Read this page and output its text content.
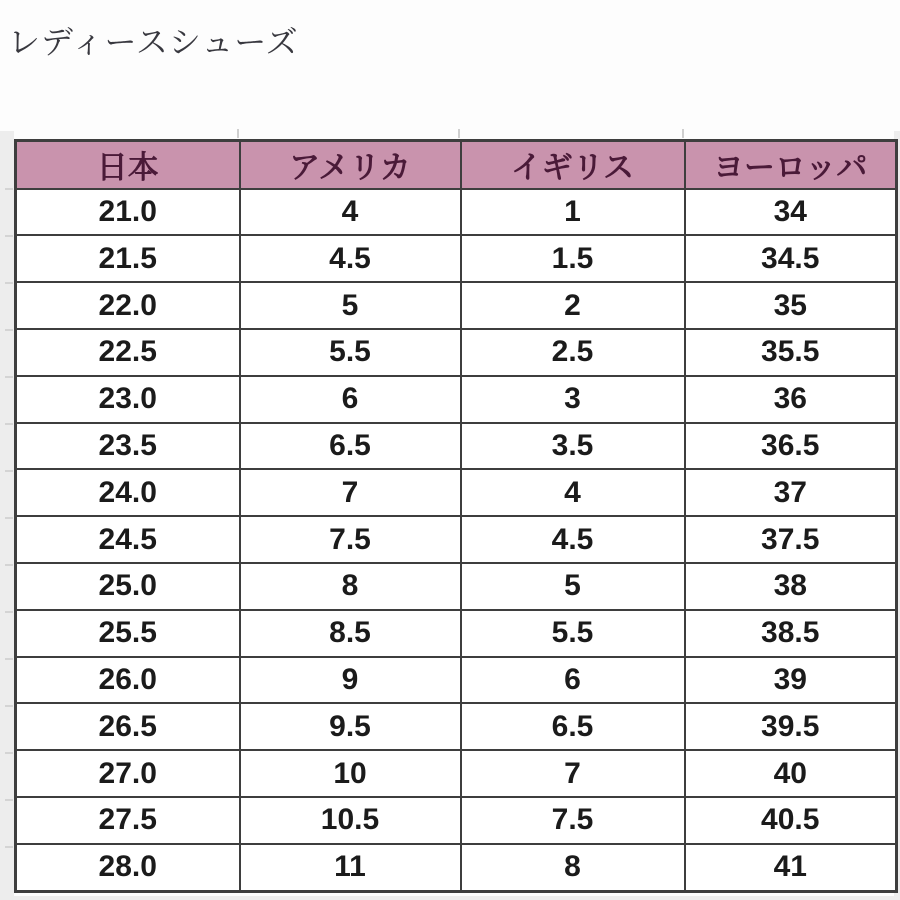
レディースシューズ
日本	アメリカ	イギリス	ヨーロッパ
21.0	4	1	34
21.5	4.5	1.5	34.5
22.0	5	2	35
22.5	5.5	2.5	35.5
23.0	6	3	36
23.5	6.5	3.5	36.5
24.0	7	4	37
24.5	7.5	4.5	37.5
25.0	8	5	38
25.5	8.5	5.5	38.5
26.0	9	6	39
26.5	9.5	6.5	39.5
27.0	10	7	40
27.5	10.5	7.5	40.5
28.0	11	8	41
